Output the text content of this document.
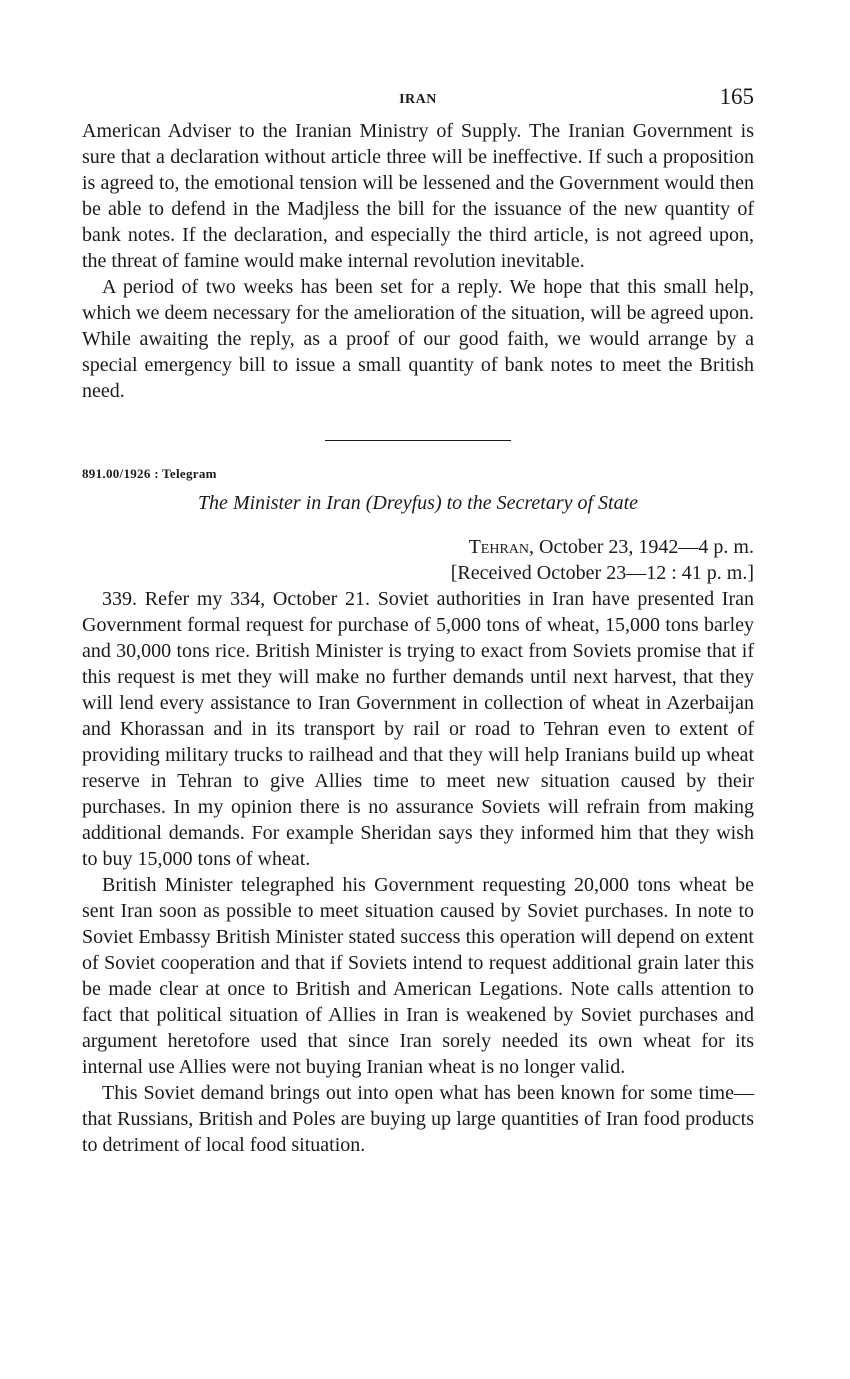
IRAN	165

American Adviser to the Iranian Ministry of Supply. The Iranian Government is sure that a declaration without article three will be ineffective. If such a proposition is agreed to, the emotional tension will be lessened and the Government would then be able to defend in the Madjless the bill for the issuance of the new quantity of bank notes. If the declaration, and especially the third article, is not agreed upon, the threat of famine would make internal revolution inevitable.

A period of two weeks has been set for a reply. We hope that this small help, which we deem necessary for the amelioration of the situation, will be agreed upon. While awaiting the reply, as a proof of our good faith, we would arrange by a special emergency bill to issue a small quantity of bank notes to meet the British need.

891.00/1926 : Telegram
The Minister in Iran (Dreyfus) to the Secretary of State
Tehran, October 23, 1942—4 p. m.
[Received October 23—12 : 41 p. m.]

339. Refer my 334, October 21. Soviet authorities in Iran have presented Iran Government formal request for purchase of 5,000 tons of wheat, 15,000 tons barley and 30,000 tons rice. British Minister is trying to exact from Soviets promise that if this request is met they will make no further demands until next harvest, that they will lend every assistance to Iran Government in collection of wheat in Azerbaijan and Khorassan and in its transport by rail or road to Tehran even to extent of providing military trucks to railhead and that they will help Iranians build up wheat reserve in Tehran to give Allies time to meet new situation caused by their purchases. In my opinion there is no assurance Soviets will refrain from making additional demands. For example Sheridan says they informed him that they wish to buy 15,000 tons of wheat.

British Minister telegraphed his Government requesting 20,000 tons wheat be sent Iran soon as possible to meet situation caused by Soviet purchases. In note to Soviet Embassy British Minister stated success this operation will depend on extent of Soviet cooperation and that if Soviets intend to request additional grain later this be made clear at once to British and American Legations. Note calls attention to fact that political situation of Allies in Iran is weakened by Soviet purchases and argument heretofore used that since Iran sorely needed its own wheat for its internal use Allies were not buying Iranian wheat is no longer valid.

This Soviet demand brings out into open what has been known for some time—that Russians, British and Poles are buying up large quantities of Iran food products to detriment of local food situation.
